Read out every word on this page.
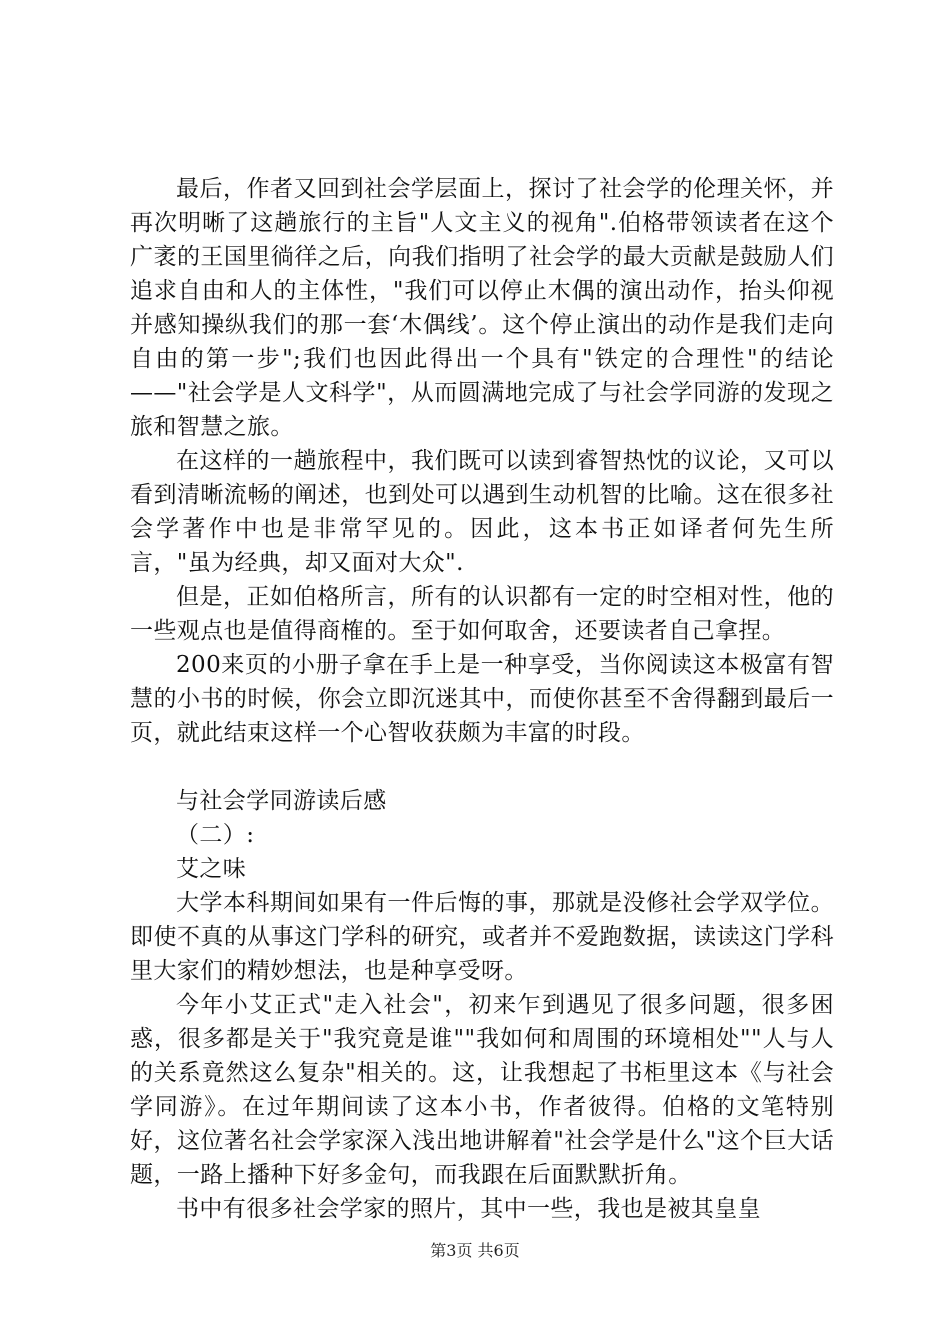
最后，作者又回到社会学层面上，探讨了社会学的伦理关怀，并再次明晰了这趟旅行的主旨"人文主义的视角".伯格带领读者在这个广袤的王国里徜徉之后，向我们指明了社会学的最大贡献是鼓励人们追求自由和人的主体性，"我们可以停止木偶的演出动作，抬头仰视并感知操纵我们的那一套‘木偶线’。这个停止演出的动作是我们走向自由的第一步";我们也因此得出一个具有"铁定的合理性"的结论——"社会学是人文科学"，从而圆满地完成了与社会学同游的发现之旅和智慧之旅。

在这样的一趟旅程中，我们既可以读到睿智热忱的议论，又可以看到清晰流畅的阐述，也到处可以遇到生动机智的比喻。这在很多社会学著作中也是非常罕见的。因此，这本书正如译者何先生所言，"虽为经典，却又面对大众".

但是，正如伯格所言，所有的认识都有一定的时空相对性，他的一些观点也是值得商榷的。至于如何取舍，还要读者自己拿捏。

200来页的小册子拿在手上是一种享受，当你阅读这本极富有智慧的小书的时候，你会立即沉迷其中，而使你甚至不舍得翻到最后一页，就此结束这样一个心智收获颇为丰富的时段。

与社会学同游读后感

（二）:

艾之味

大学本科期间如果有一件后悔的事，那就是没修社会学双学位。即使不真的从事这门学科的研究，或者并不爱跑数据，读读这门学科里大家们的精妙想法，也是种享受呀。

今年小艾正式"走入社会"，初来乍到遇见了很多问题，很多困惑，很多都是关于"我究竟是谁""我如何和周围的环境相处""人与人的关系竟然这么复杂"相关的。这，让我想起了书柜里这本《与社会学同游》。在过年期间读了这本小书，作者彼得。伯格的文笔特别好，这位著名社会学家深入浅出地讲解着"社会学是什么"这个巨大话题，一路上播种下好多金句，而我跟在后面默默折角。

书中有很多社会学家的照片，其中一些，我也是被其皇皇

第3页 共6页
